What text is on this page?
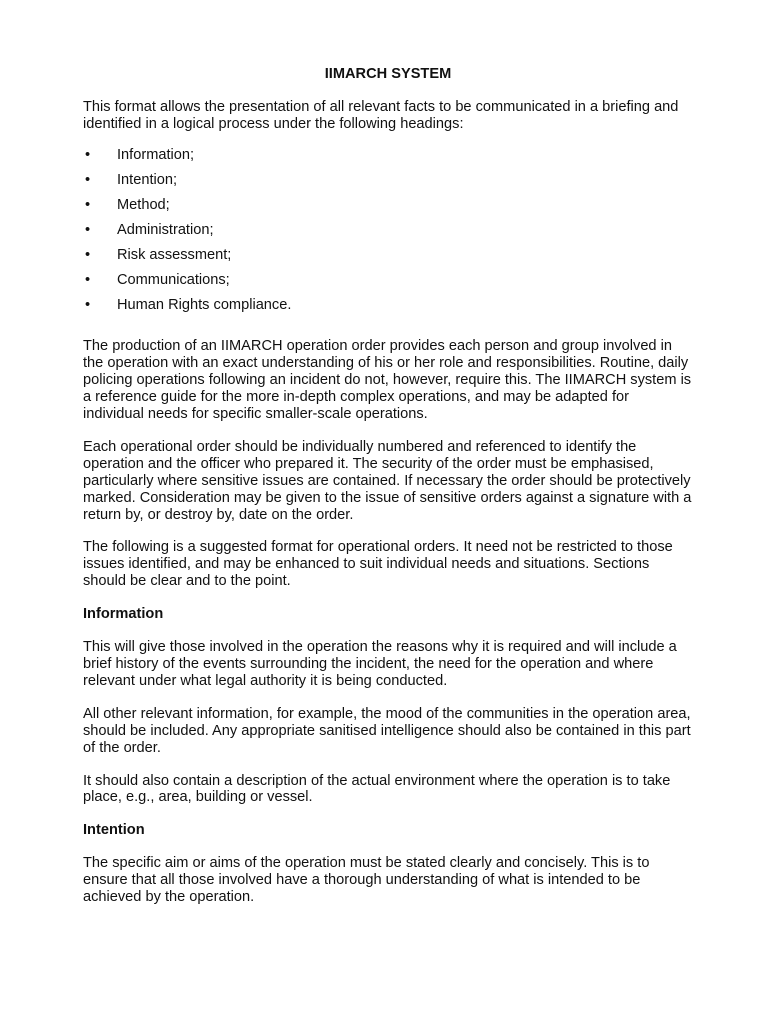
IIMARCH SYSTEM

This format allows the presentation of all relevant facts to be communicated in a briefing and identified in a logical process under the following headings:

• Information;
• Intention;
• Method;
• Administration;
• Risk assessment;
• Communications;
• Human Rights compliance.

The production of an IIMARCH operation order provides each person and group involved in the operation with an exact understanding of his or her role and responsibilities. Routine, daily policing operations following an incident do not, however, require this. The IIMARCH system is a reference guide for the more in-depth complex operations, and may be adapted for individual needs for specific smaller-scale operations.

Each operational order should be individually numbered and referenced to identify the operation and the officer who prepared it. The security of the order must be emphasised, particularly where sensitive issues are contained. If necessary the order should be protectively marked. Consideration may be given to the issue of sensitive orders against a signature with a return by, or destroy by, date on the order.

The following is a suggested format for operational orders. It need not be restricted to those issues identified, and may be enhanced to suit individual needs and situations. Sections should be clear and to the point.

Information

This will give those involved in the operation the reasons why it is required and will include a brief history of the events surrounding the incident, the need for the operation and where relevant under what legal authority it is being conducted.

All other relevant information, for example, the mood of the communities in the operation area, should be included. Any appropriate sanitised intelligence should also be contained in this part of the order.

It should also contain a description of the actual environment where the operation is to take place, e.g., area, building or vessel.

Intention

The specific aim or aims of the operation must be stated clearly and concisely. This is to ensure that all those involved have a thorough understanding of what is intended to be achieved by the operation.
